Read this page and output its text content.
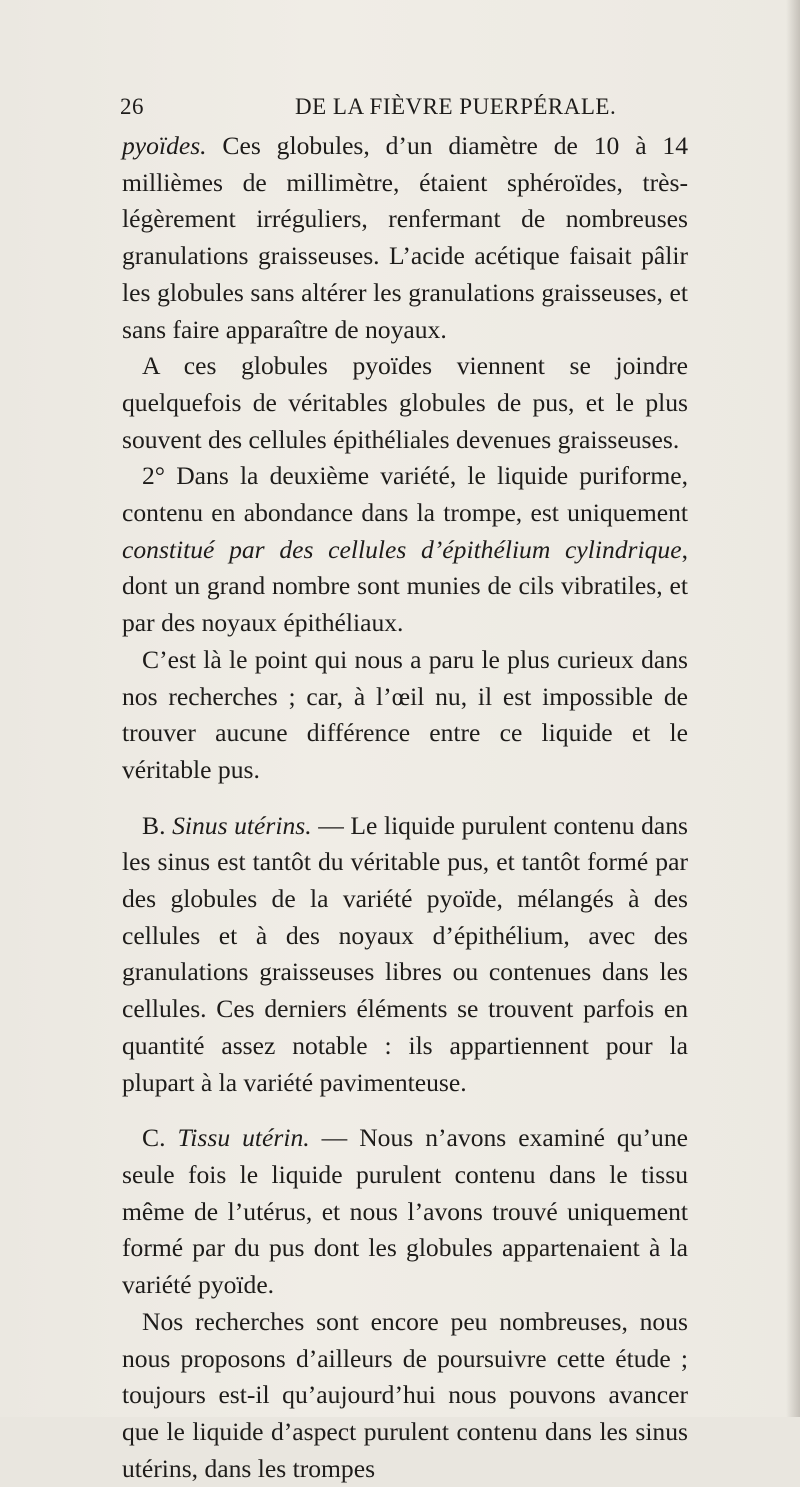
26	DE LA FIÈVRE PUERPÉRALE.

pyoïdes. Ces globules, d’un diamètre de 10 à 14 millièmes de millimètre, étaient sphéroïdes, très-légèrement irréguliers, renfermant de nombreuses granulations graisseuses. L’acide acétique faisait pâlir les globules sans altérer les granulations graisseuses, et sans faire apparaître de noyaux.

A ces globules pyoïdes viennent se joindre quelquefois de véritables globules de pus, et le plus souvent des cellules épithéliales devenues graisseuses.

2° Dans la deuxième variété, le liquide puriforme, contenu en abondance dans la trompe, est uniquement constitué par des cellules d’épithélium cylindrique, dont un grand nombre sont munies de cils vibratiles, et par des noyaux épithéliaux.

C’est là le point qui nous a paru le plus curieux dans nos recherches ; car, à l’œil nu, il est impossible de trouver aucune différence entre ce liquide et le véritable pus.

B. Sinus utérins. — Le liquide purulent contenu dans les sinus est tantôt du véritable pus, et tantôt formé par des globules de la variété pyoïde, mélangés à des cellules et à des noyaux d’épithélium, avec des granulations graisseuses libres ou contenues dans les cellules. Ces derniers éléments se trouvent parfois en quantité assez notable : ils appartiennent pour la plupart à la variété pavimenteuse.

C. Tissu utérin. — Nous n’avons examiné qu’une seule fois le liquide purulent contenu dans le tissu même de l’utérus, et nous l’avons trouvé uniquement formé par du pus dont les globules appartenaient à la variété pyoïde.

Nos recherches sont encore peu nombreuses, nous nous proposons d’ailleurs de poursuivre cette étude ; toujours est-il qu’aujourd’hui nous pouvons avancer que le liquide d’aspect purulent contenu dans les sinus utérins, dans les trompes
